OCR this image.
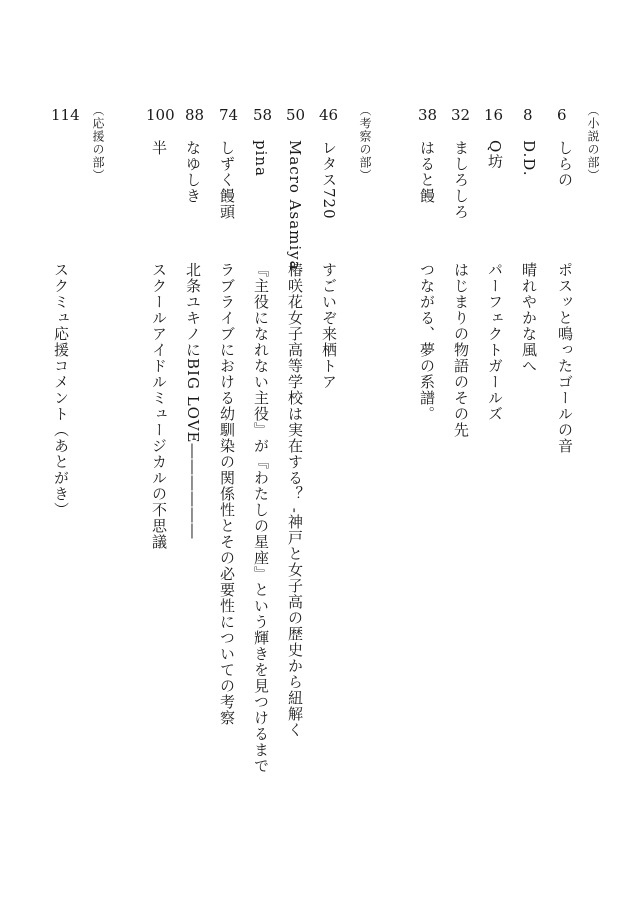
（小説の部）
（考察の部）
（応援の部）	6
しらの
ポスッと鳴ったゴールの音
8
D.D.
晴れやかな風へ
16
Q坊
パーフェクトガールズ
32
ましろしろ
はじまりの物語のその先
38
はると饅
つながる、夢の系譜。
46
レタス720
すごいぞ来栖トア
50
Macro Asamiya
椿咲花女子高等学校は実在する？ -神戸と女子高の歴史から紐解く
58
pina
『主役になれない主役』が『わたしの星座』という輝きを見つけるまで
74
しずく饅頭
ラブライブにおける幼馴染の関係性とその必要性についての考察
88
なゆしき
北条ユキノにBIG LOVE――――――
100
半
スクールアイドルミュージカルの不思議
114
スクミュ応援コメント（あとがき）
